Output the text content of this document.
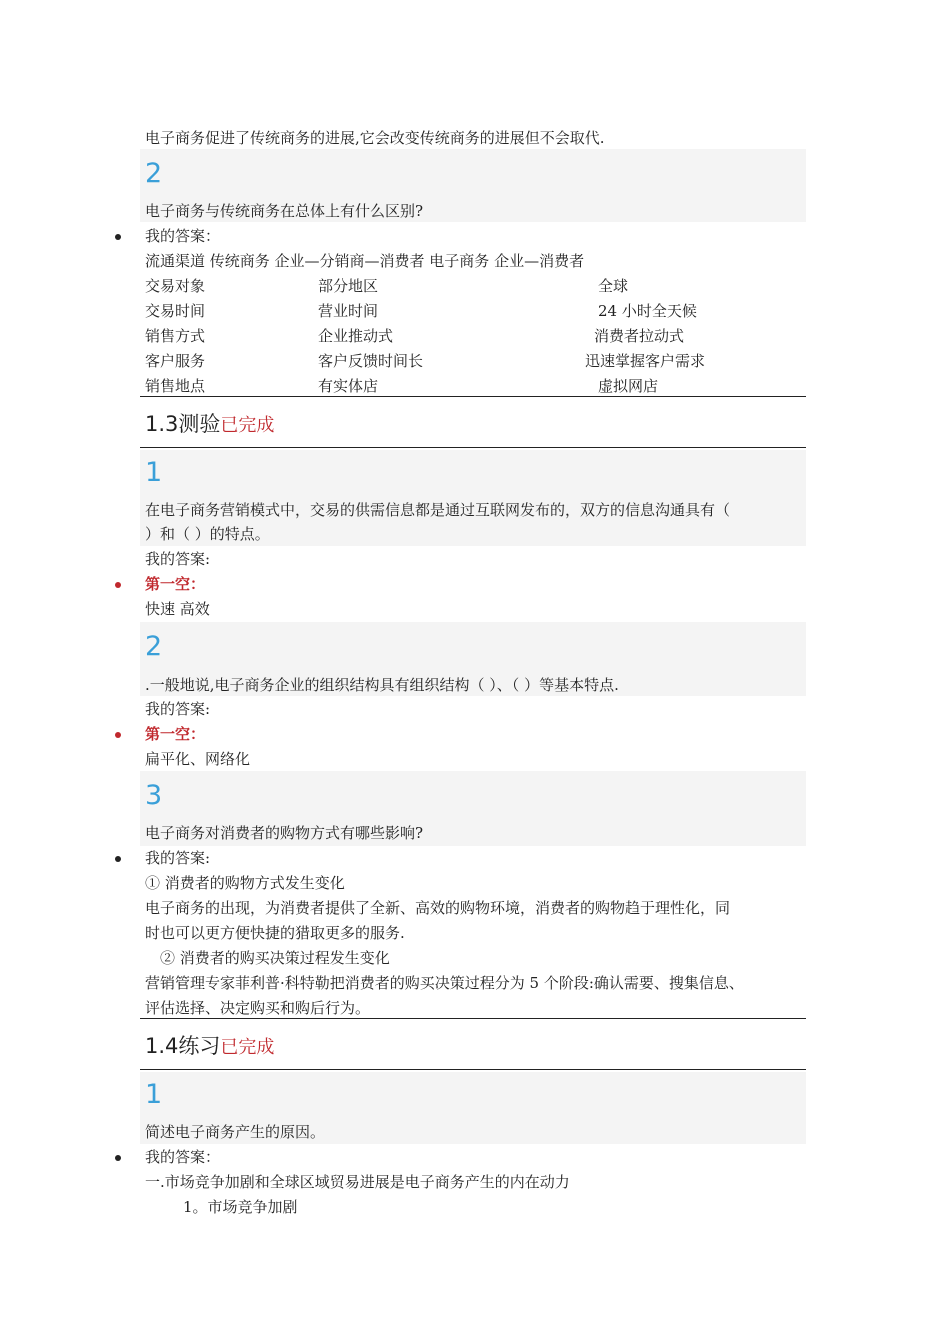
电子商务促进了传统商务的进展,它会改变传统商务的进展但不会取代.
2
电子商务与传统商务在总体上有什么区别?
我的答案：
流通渠道 传统商务 企业—分销商—消费者 电子商务 企业—消费者
交易对象	部分地区	全球
交易时间	营业时间	24 小时全天候
销售方式	企业推动式	消费者拉动式
客户服务	客户反馈时间长	迅速掌握客户需求
销售地点	有实体店	虚拟网店
1.3测验已完成
1
在电子商务营销模式中，交易的供需信息都是通过互联网发布的，双方的信息沟通具有（
）和（ ）的特点。
我的答案:
第一空：
快速 高效
2
.一般地说,电子商务企业的组织结构具有组织结构（ ）、（ ）等基本特点.
我的答案:
第一空：
扁平化、网络化
3
电子商务对消费者的购物方式有哪些影响?
我的答案:
① 消费者的购物方式发生变化
电子商务的出现，为消费者提供了全新、高效的购物环境，消费者的购物趋于理性化，同
时也可以更方便快捷的猎取更多的服务.
② 消费者的购买决策过程发生变化
营销管理专家菲利普·科特勒把消费者的购买决策过程分为 5 个阶段:确认需要、搜集信息、
评估选择、决定购买和购后行为。
1.4练习已完成
1
简述电子商务产生的原因。
我的答案：
一.市场竞争加剧和全球区域贸易进展是电子商务产生的内在动力
1。市场竞争加剧
